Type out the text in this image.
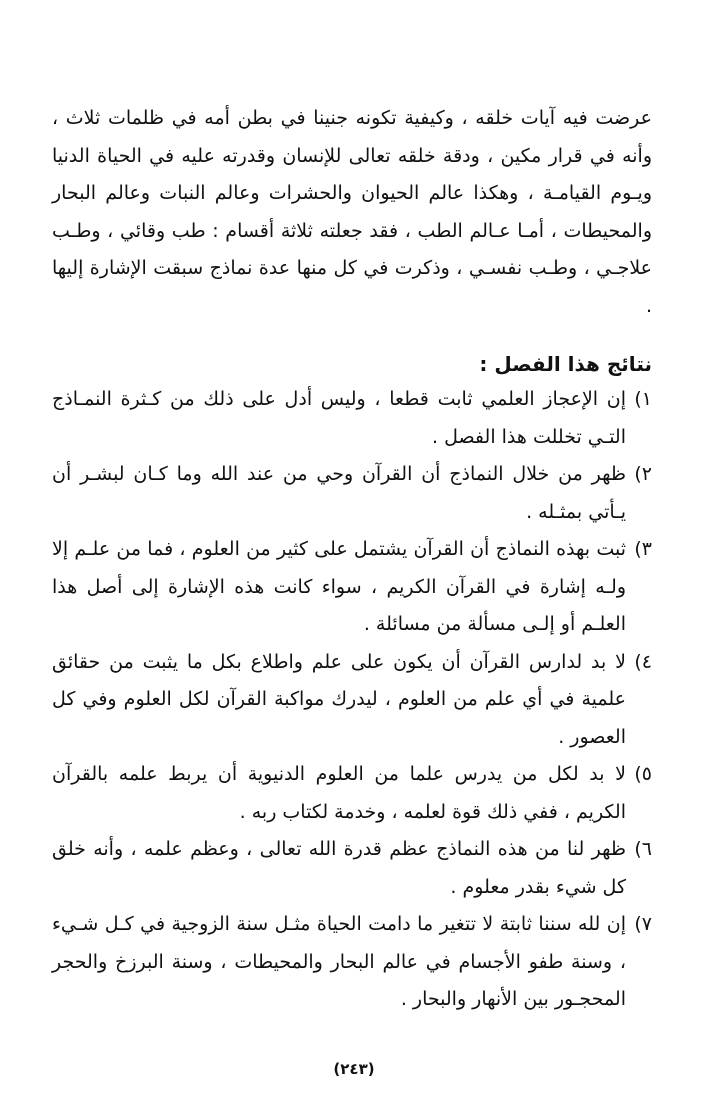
عرضت فيه آيات خلقه ، وكيفية تكونه جنينا في بطن أمه في ظلمات ثلاث ، وأنه في قرار مكين ، ودقة خلقه تعالى للإنسان وقدرته عليه في الحياة الدنيا ويـوم القيامـة ، وهكذا عالم الحيوان والحشرات وعالم النبات وعالم البحار والمحيطات ، أمـا عـالم الطب ، فقد جعلته ثلاثة أقسام : طب وقائي ، وطـب علاجـي ، وطـب نفسـي ، وذكرت في كل منها عدة نماذج سبقت الإشارة إليها .

نتائج هذا الفصل :
١)
إن الإعجاز العلمي ثابت قطعا ، وليس أدل على ذلك من كـثرة النمـاذج التـي تخللت هذا الفصل .
٢)
ظهر من خلال النماذج أن القرآن وحي من عند الله وما كـان لبشـر أن يـأتي بمثـله .
٣)
ثبت بهذه النماذج أن القرآن يشتمل على كثير من العلوم ، فما من علـم إلا ولـه إشارة في القرآن الكريم ، سواء كانت هذه الإشارة إلى أصل هذا العلـم أو إلـى مسألة من مسائلة .
٤)
لا بد لدارس القرآن أن يكون على علم واطلاع بكل ما يثبت من حقائق علمية في أي علم من العلوم ، ليدرك مواكبة القرآن لكل العلوم وفي كل العصور .
٥)
لا بد لكل من يدرس علما من العلوم الدنيوية أن يربط علمه بالقرآن الكريم ، ففي ذلك قوة لعلمه ، وخدمة لكتاب ربه .
٦)
ظهر لنا من هذه النماذج عظم قدرة الله تعالى ، وعظم علمه ، وأنه خلق كل شيء بقدر معلوم .
٧)
إن لله سننا ثابتة لا تتغير ما دامت الحياة مثـل سنة الزوجية في كـل شـيء ، وسنة طفو الأجسام في عالم البحار والمحيطات ، وسنة البرزخ والحجر المحجـور بين الأنهار والبحار .
(٢٤٣)
